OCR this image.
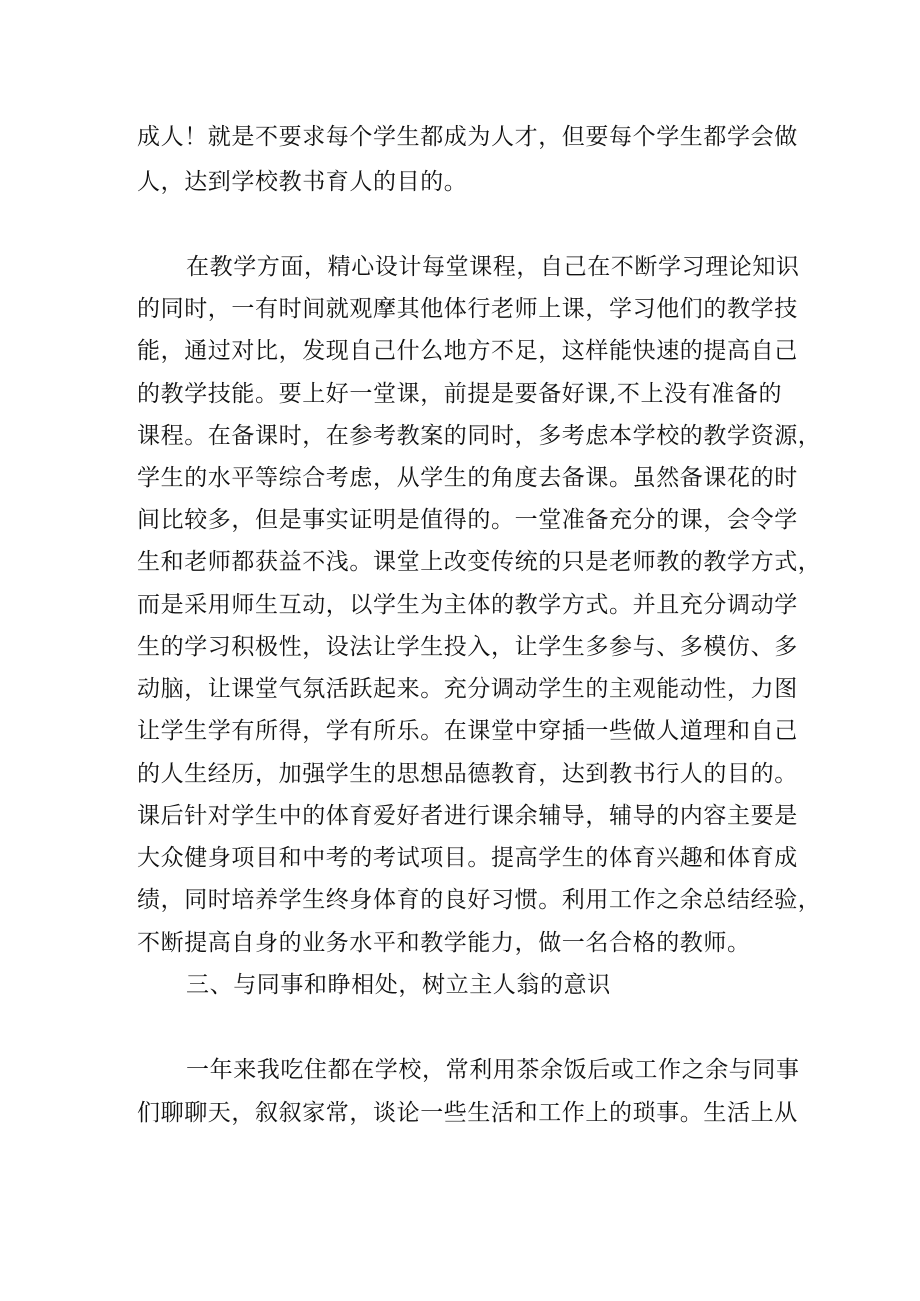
成人！就是不要求每个学生都成为人才，但要每个学生都学会做
人，达到学校教书育人的目的。
在教学方面，精心设计每堂课程，自己在不断学习理论知识
的同时，一有时间就观摩其他体行老师上课，学习他们的教学技
能，通过对比，发现自己什么地方不足，这样能快速的提高自己
的教学技能。要上好一堂课，前提是要备好课,不上没有准备的
课程。在备课时，在参考教案的同时，多考虑本学校的教学资源，
学生的水平等综合考虑，从学生的角度去备课。虽然备课花的时
间比较多，但是事实证明是值得的。一堂准备充分的课，会令学
生和老师都获益不浅。课堂上改变传统的只是老师教的教学方式，
而是采用师生互动，以学生为主体的教学方式。并且充分调动学
生的学习积极性，设法让学生投入，让学生多参与、多模仿、多
动脑，让课堂气氛活跃起来。充分调动学生的主观能动性，力图
让学生学有所得，学有所乐。在课堂中穿插一些做人道理和自己
的人生经历，加强学生的思想品德教育，达到教书行人的目的。
课后针对学生中的体育爱好者进行课余辅导，辅导的内容主要是
大众健身项目和中考的考试项目。提高学生的体育兴趣和体育成
绩，同时培养学生终身体育的良好习惯。利用工作之余总结经验，
不断提高自身的业务水平和教学能力，做一名合格的教师。
三、与同事和睁相处，树立主人翁的意识
一年来我吃住都在学校，常利用茶余饭后或工作之余与同事
们聊聊天，叙叙家常，谈论一些生活和工作上的琐事。生活上从
